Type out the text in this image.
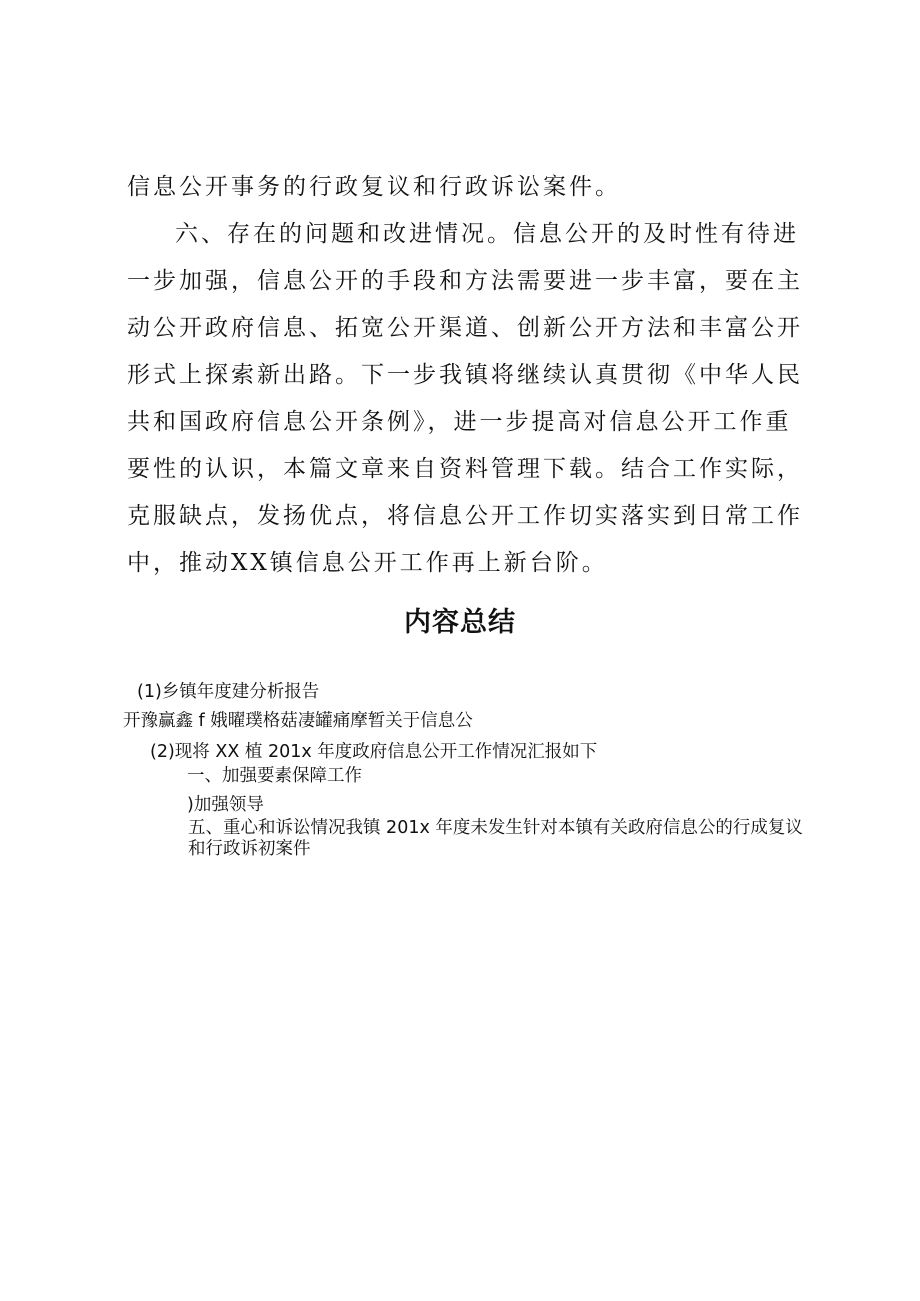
信息公开事务的行政复议和行政诉讼案件。

六、存在的问题和改进情况。信息公开的及时性有待进一步加强，信息公开的手段和方法需要进一步丰富，要在主动公开政府信息、拓宽公开渠道、创新公开方法和丰富公开形式上探索新出路。下一步我镇将继续认真贯彻《中华人民共和国政府信息公开条例》，进一步提高对信息公开工作重要性的认识，本篇文章来自资料管理下载。结合工作实际，克服缺点，发扬优点，将信息公开工作切实落实到日常工作中，推动XX镇信息公开工作再上新台阶。

内容总结

(1)乡镇年度建分析报告

开豫赢鑫 f 娥曜璞格菇凄罐痛摩暂关于信息公

(2)现将 XX 植 201x 年度政府信息公开工作情况汇报如下

一、加强要素保障工作

)加强领导

五、重心和诉讼情况我镇 201x 年度未发生针对本镇有关政府信息公的行成复议和行政诉初案件
